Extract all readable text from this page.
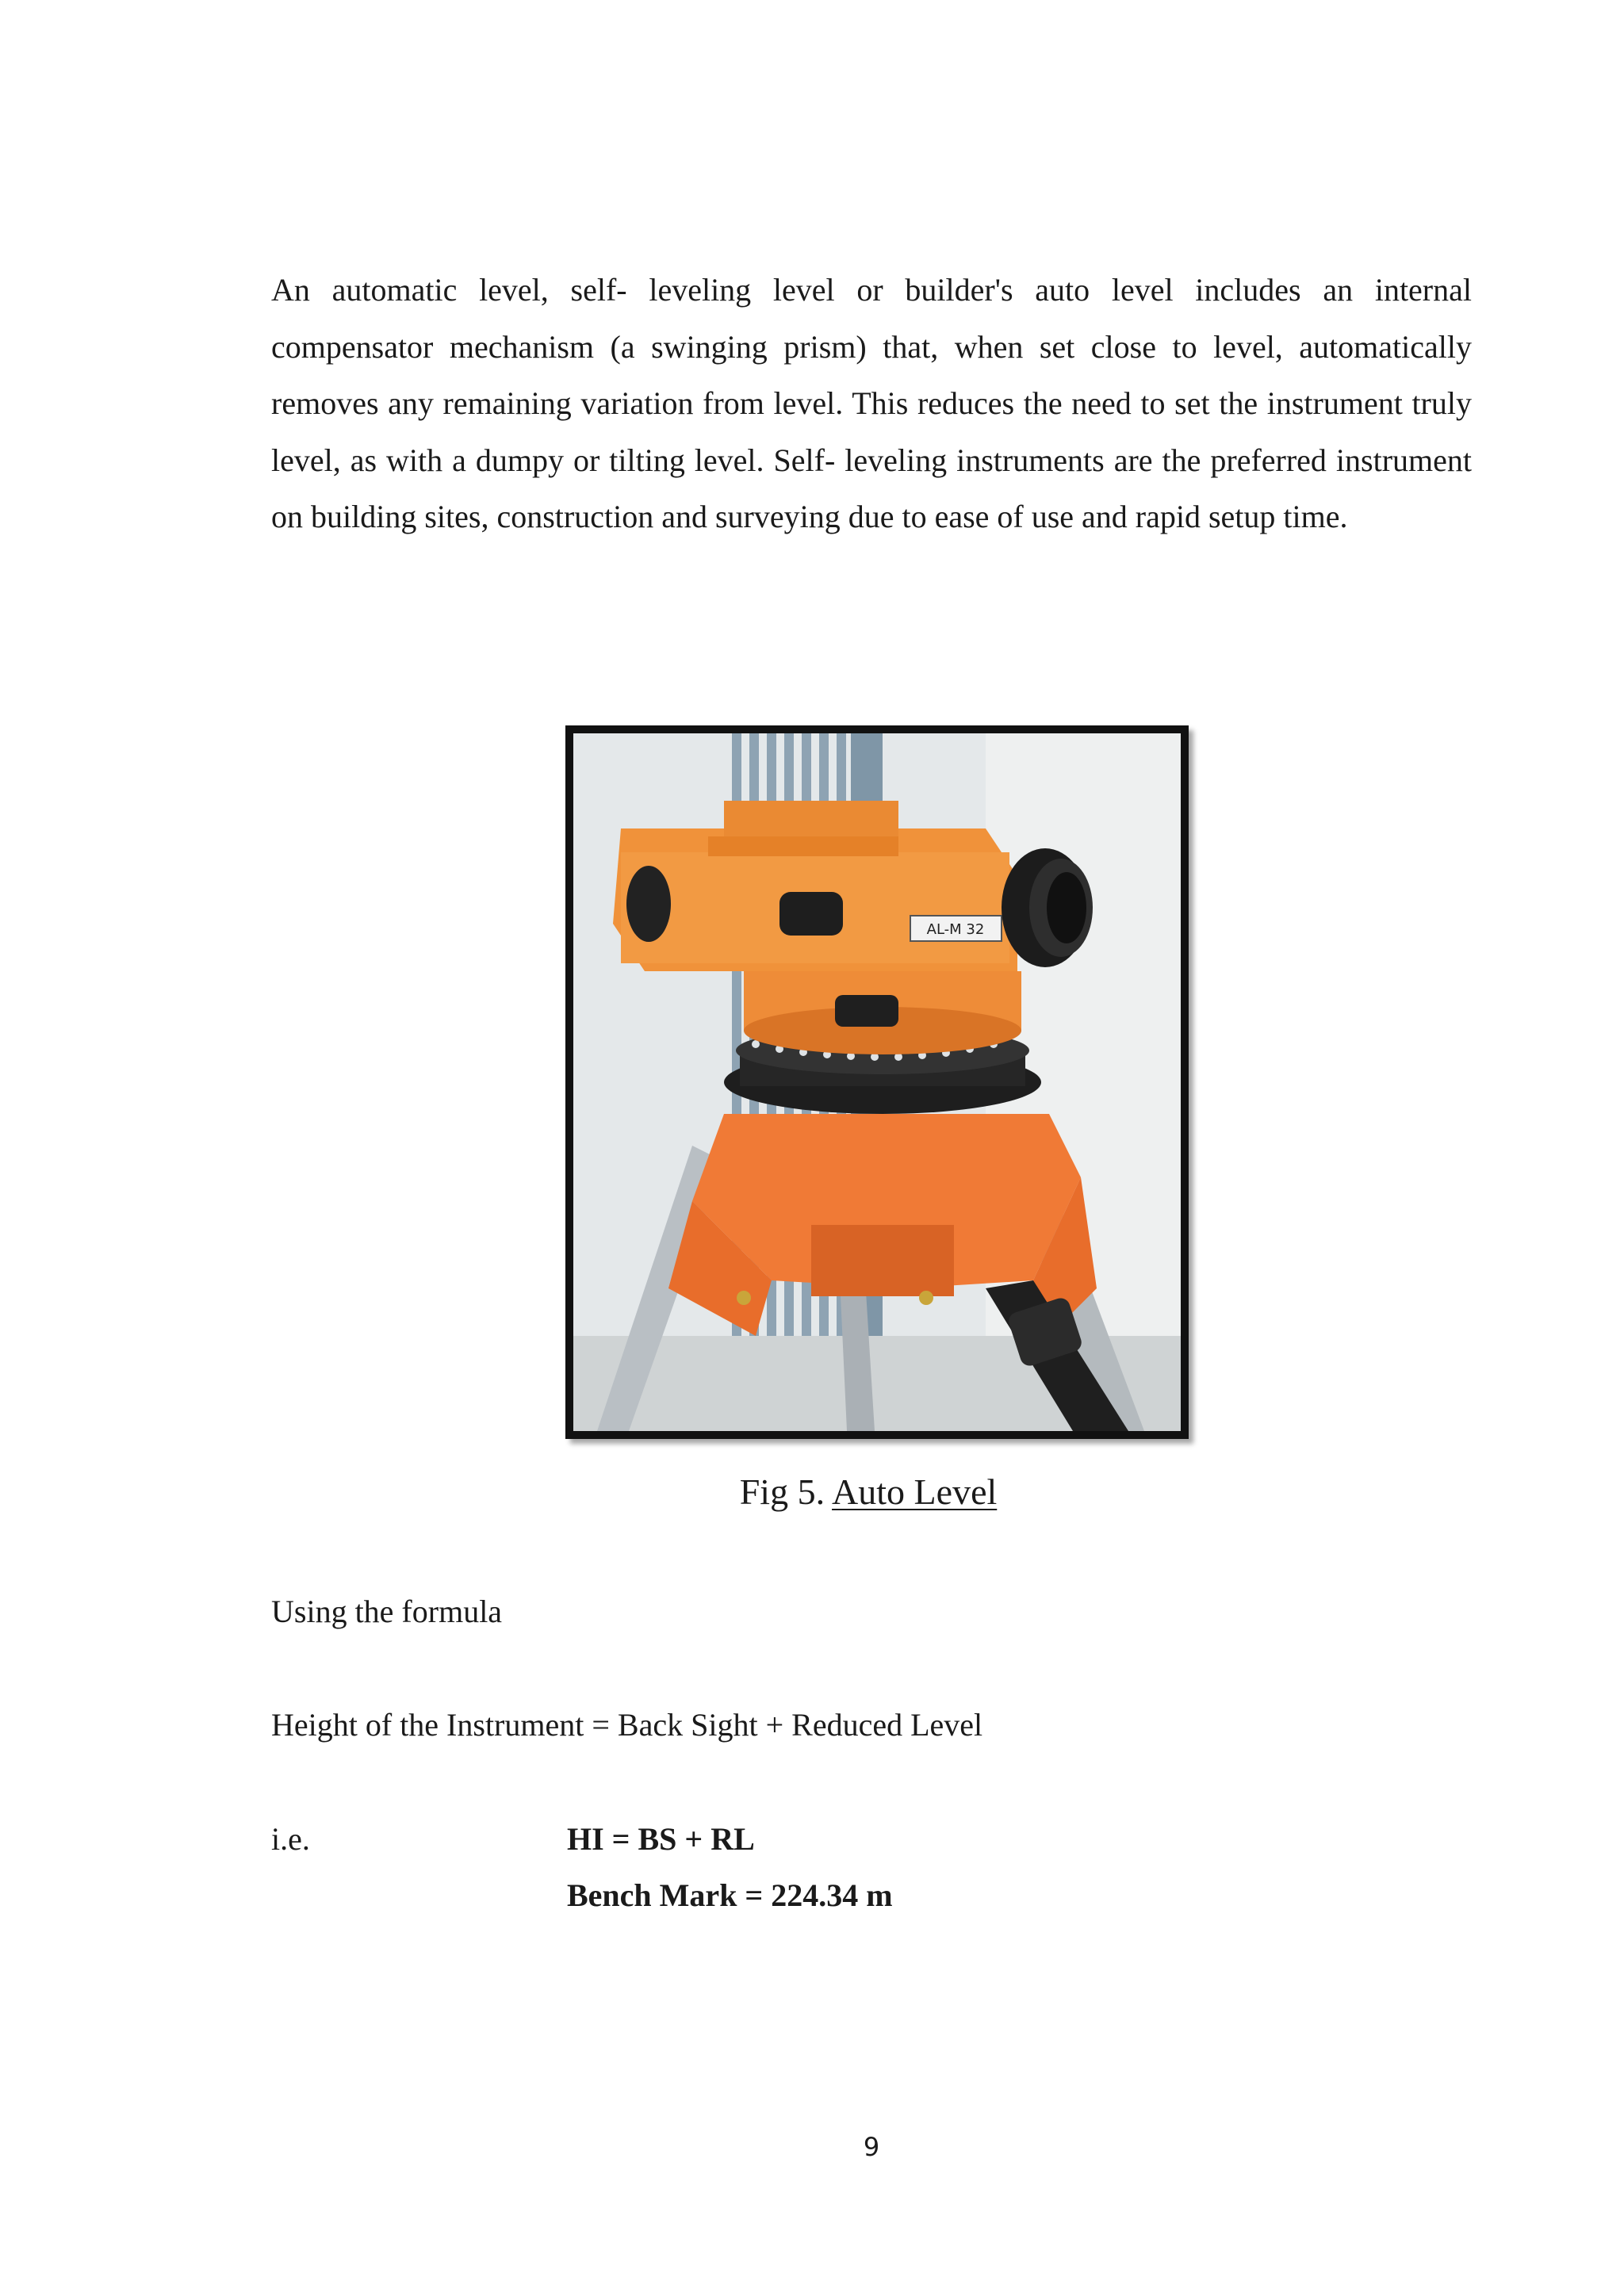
An automatic level, self- leveling level or builder's auto level includes an internal compensator mechanism (a swinging prism) that, when set close to level, automatically removes any remaining variation from level. This reduces the need to set the instrument truly level, as with a dumpy or tilting level. Self- leveling instruments are the preferred instrument on building sites, construction and surveying due to ease of use and rapid setup time.

AL-M 32
Fig 5. Auto Level
Using the formula
Height of the Instrument = Back Sight + Reduced Level
i.e.	HI = BS + RL
Bench Mark = 224.34 m
9
